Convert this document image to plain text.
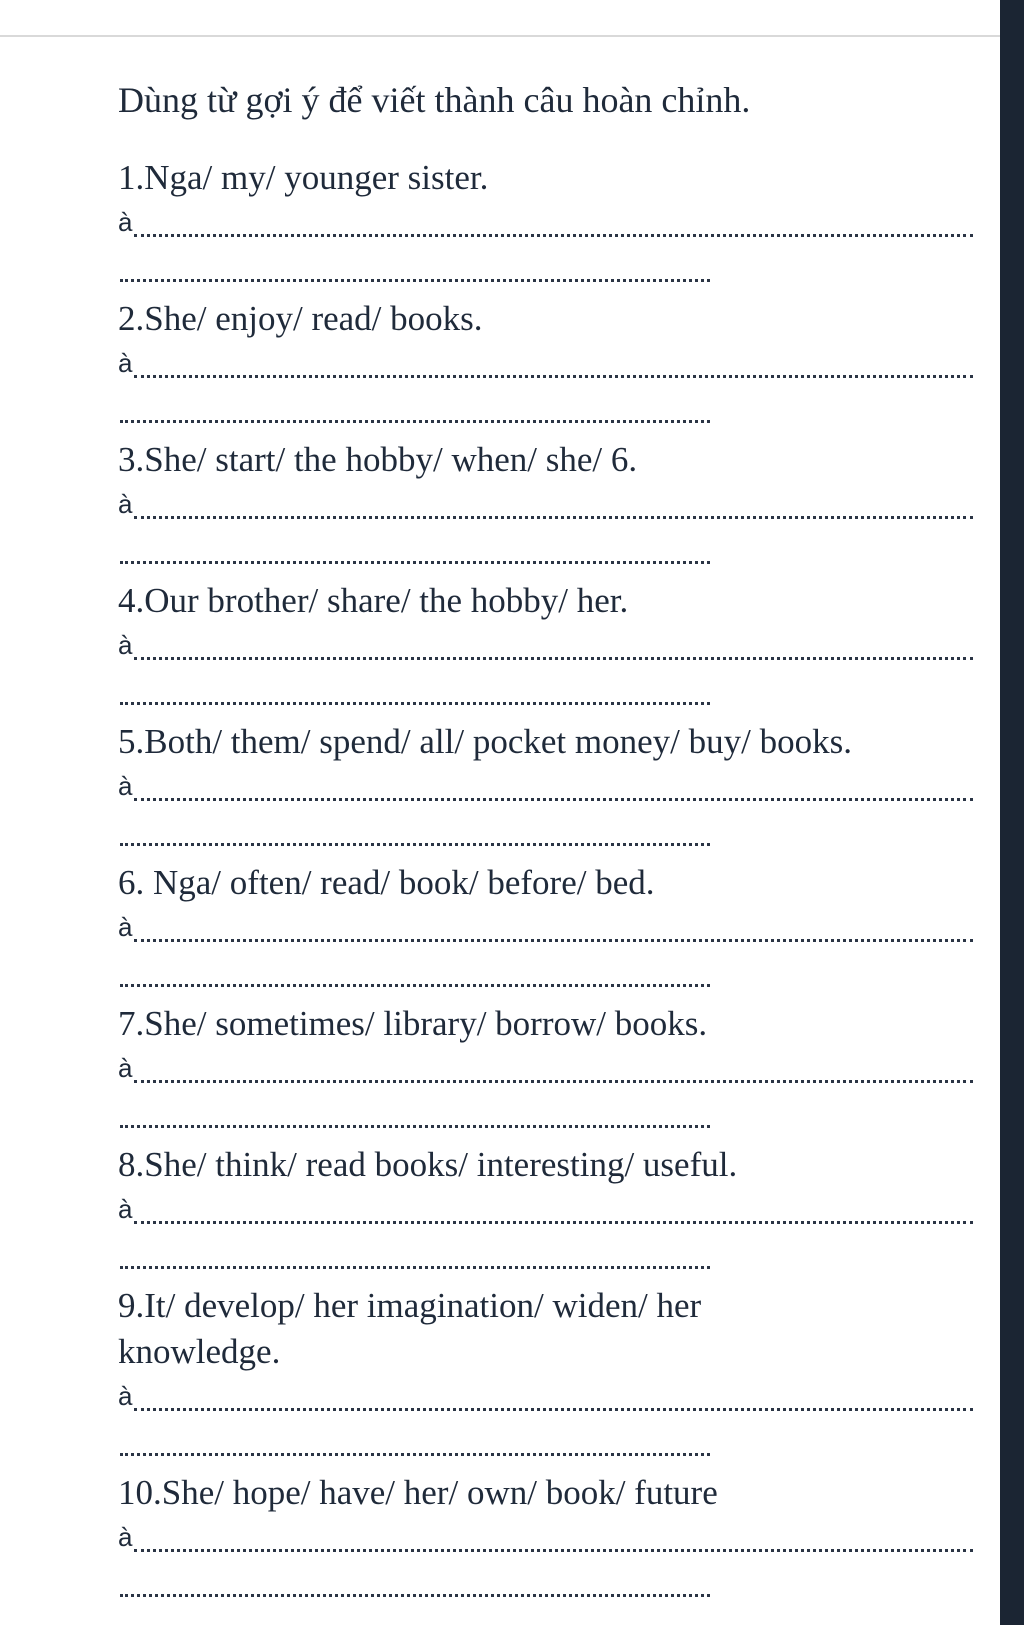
Dùng từ gợi ý để viết thành câu hoàn chỉnh.

1.Nga/ my/ younger sister.

à

2.She/ enjoy/ read/ books.

à

3.She/ start/ the hobby/ when/ she/ 6.

à

4.Our brother/ share/ the hobby/ her.

à

5.Both/ them/ spend/ all/ pocket money/ buy/ books.

à

6. Nga/ often/ read/ book/ before/ bed.

à

7.She/ sometimes/ library/ borrow/ books.

à

8.She/ think/ read books/ interesting/ useful.

à

9.It/ develop/ her imagination/ widen/ her knowledge.

à

10.She/ hope/ have/ her/ own/ book/ future

à
